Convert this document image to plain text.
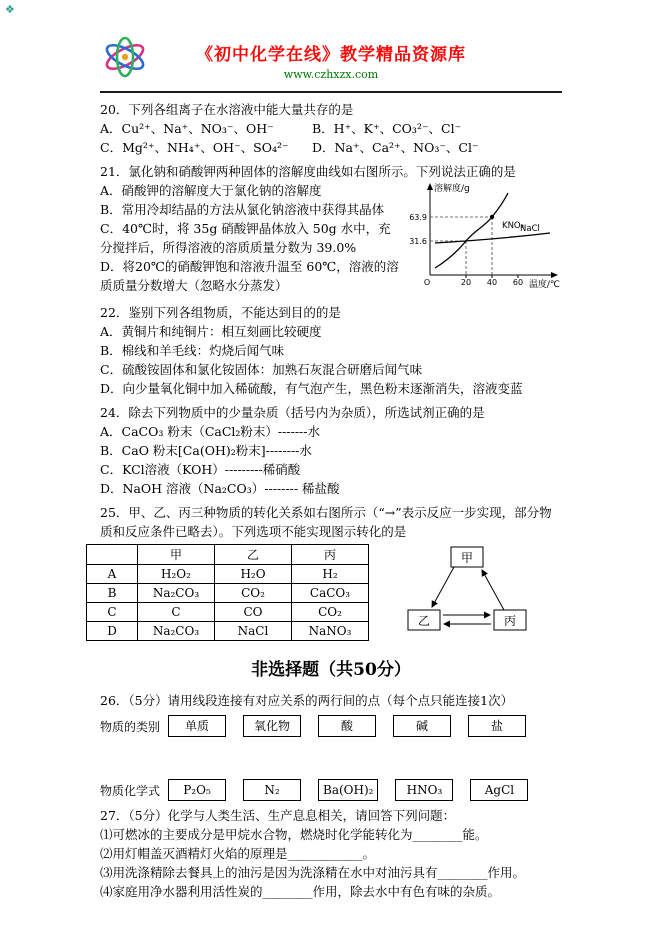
❖
《初中化学在线》教学精品资源库
www.czhxzx.com
20．下列各组离子在水溶液中能大量共存的是
A．Cu²⁺、Na⁺、NO₃⁻、OH⁻	B．H⁺、K⁺、CO₃²⁻、Cl⁻
C．Mg²⁺、NH₄⁺、OH⁻、SO₄²⁻	D．Na⁺、Ca²⁺、NO₃⁻、Cl⁻
21．氯化钠和硝酸钾两种固体的溶解度曲线如右图所示。下列说法正确的是
溶解度/g
63.9
31.6
KNO₃
NaCl
O	20 40 60 温度/℃
A．硝酸钾的溶解度大于氯化钠的溶解度
B．常用冷却结晶的方法从氯化钠溶液中获得其晶体
C．40℃时，将 35g 硝酸钾晶体放入 50g 水中，充分搅拌后，所得溶液的溶质质量分数为 39.0%
D．将20℃的硝酸钾饱和溶液升温至 60℃，溶液的溶质质量分数增大（忽略水分蒸发）
22．鉴别下列各组物质，不能达到目的的是
A．黄铜片和纯铜片：相互刻画比较硬度
B．棉线和羊毛线：灼烧后闻气味
C．硫酸铵固体和氯化铵固体：加熟石灰混合研磨后闻气味
D．向少量氧化铜中加入稀硫酸，有气泡产生，黑色粉末逐渐消失，溶液变蓝
24．除去下列物质中的少量杂质（括号内为杂质），所选试剂正确的是
A．CaCO₃ 粉末（CaCl₂粉末）-------水
B．CaO 粉末[Ca(OH)₂粉末]--------水
C．KCl溶液（KOH）---------稀硝酸
D．NaOH 溶液（Na₂CO₃）-------- 稀盐酸
25．甲、乙、丙三种物质的转化关系如右图所示（“→”表示反应一步实现，部分物质和反应条件已略去）。下列选项不能实现图示转化的是
	甲	乙	丙
A	H₂O₂	H₂O	H₂
B	Na₂CO₃	CO₂	CaCO₃
C	C	CO	CO₂
D	Na₂CO₃	NaCl	NaNO₃
甲
乙	丙
非选择题（共50分）
26．（5分）请用线段连接有对应关系的两行间的点（每个点只能连接1次）
物质的类别	单质	氧化物	酸	碱	盐
物质化学式	P₂O₅	N₂	Ba(OH)₂	HNO₃	AgCl
27．（5分）化学与人类生活、生产息息相关，请回答下列问题：
⑴可燃冰的主要成分是甲烷水合物，燃烧时化学能转化为________能。
⑵用灯帽盖灭酒精灯火焰的原理是____________。
⑶用洗涤精除去餐具上的油污是因为洗涤精在水中对油污具有________作用。
⑷家庭用净水器利用活性炭的________作用，除去水中有色有味的杂质。
